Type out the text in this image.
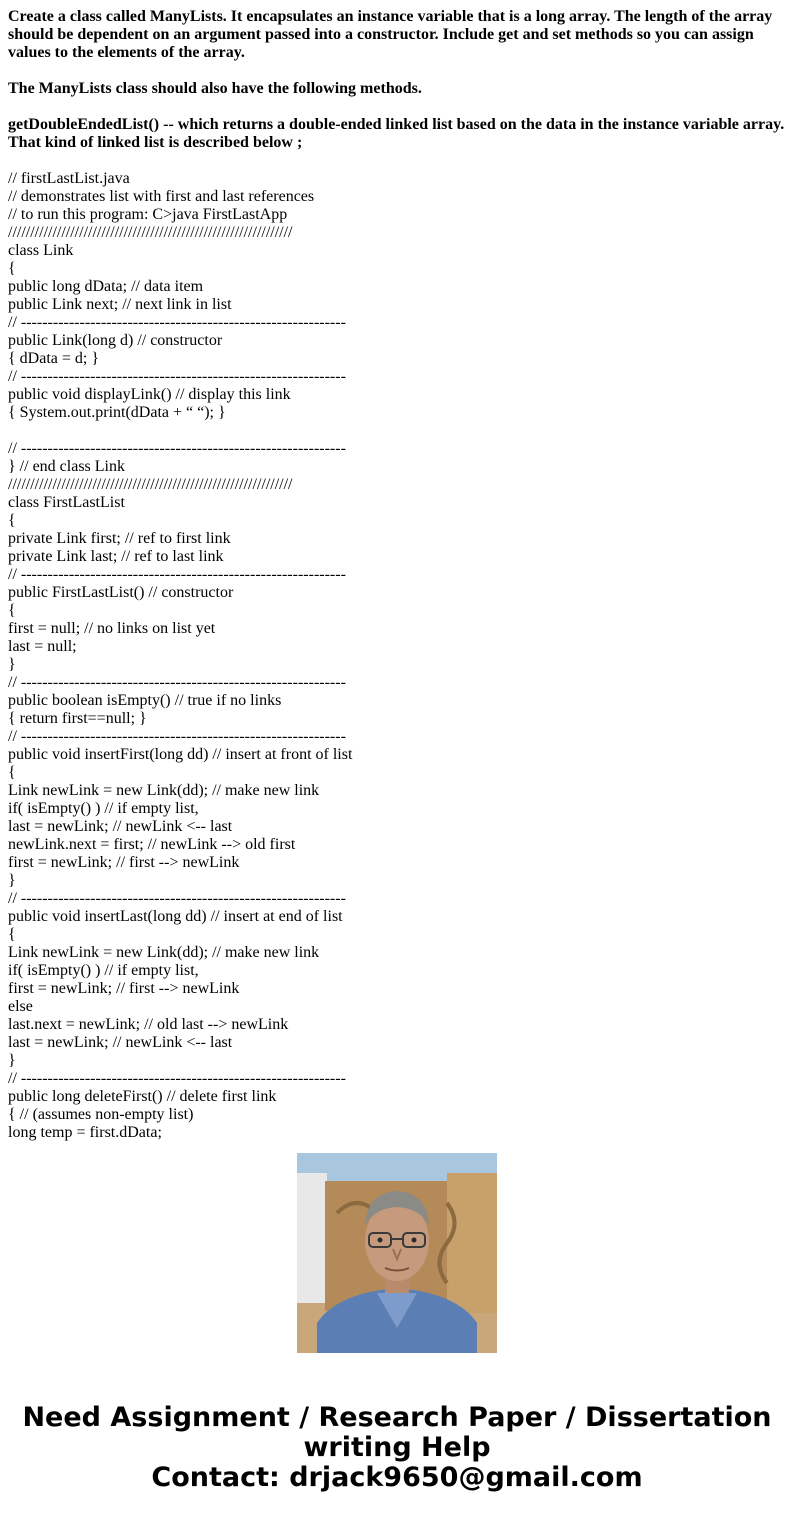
Create a class called ManyLists. It encapsulates an instance variable that is a long array. The length of the array should be dependent on an argument passed into a constructor. Include get and set methods so you can assign values to the elements of the array.

The ManyLists class should also have the following methods.

getDoubleEndedList() -- which returns a double-ended linked list based on the data in the instance variable array. That kind of linked list is described below ;

// firstLastList.java
// demonstrates list with first and last references
// to run this program: C>java FirstLastApp
////////////////////////////////////////////////////////////////
class Link
{
public long dData; // data item
public Link next; // next link in list
// -------------------------------------------------------------
public Link(long d) // constructor
{ dData = d; }
// -------------------------------------------------------------
public void displayLink() // display this link
{ System.out.print(dData + “ “); }
// -------------------------------------------------------------
} // end class Link
////////////////////////////////////////////////////////////////
class FirstLastList
{
private Link first; // ref to first link
private Link last; // ref to last link
// -------------------------------------------------------------
public FirstLastList() // constructor
{
first = null; // no links on list yet
last = null;
}
// -------------------------------------------------------------
public boolean isEmpty() // true if no links
{ return first==null; }
// -------------------------------------------------------------
public void insertFirst(long dd) // insert at front of list
{
Link newLink = new Link(dd); // make new link
if( isEmpty() ) // if empty list,
last = newLink; // newLink <-- last
newLink.next = first; // newLink --> old first
first = newLink; // first --> newLink
}
// -------------------------------------------------------------
public void insertLast(long dd) // insert at end of list
{
Link newLink = new Link(dd); // make new link
if( isEmpty() ) // if empty list,
first = newLink; // first --> newLink
else
last.next = newLink; // old last --> newLink
last = newLink; // newLink <-- last
}
// -------------------------------------------------------------
public long deleteFirst() // delete first link
{ // (assumes non-empty list)
long temp = first.dData;
Need Assignment / Research Paper / Dissertation
writing Help
Contact: drjack9650@gmail.com
